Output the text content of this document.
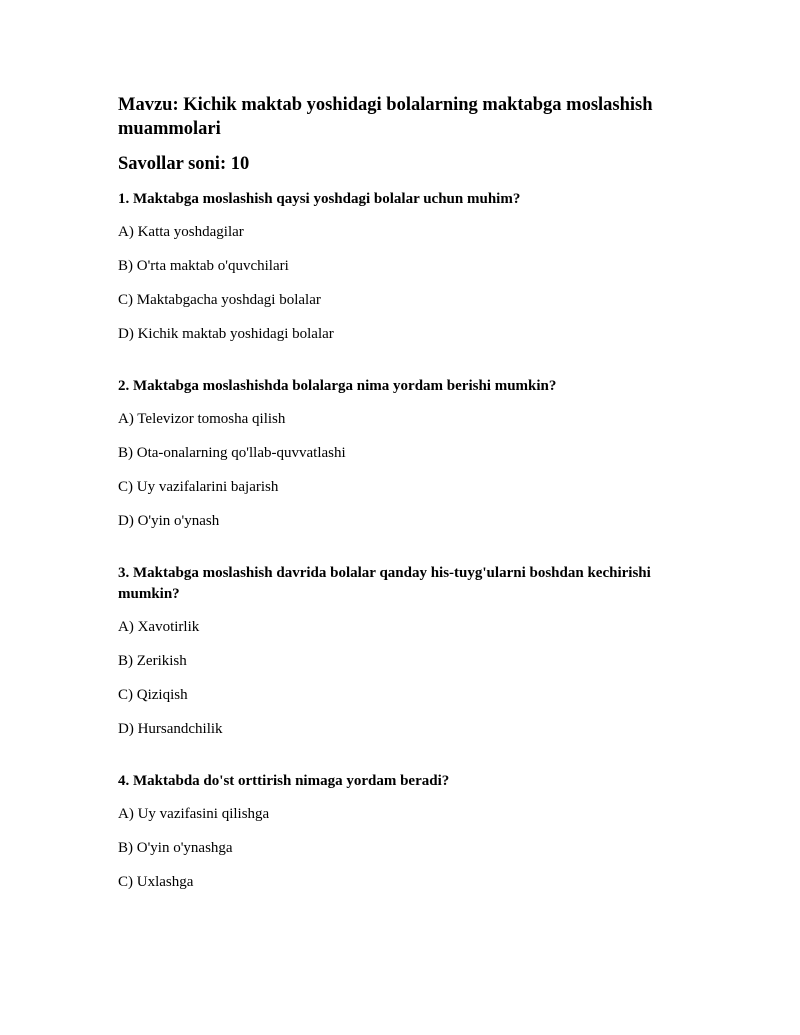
Mavzu: Kichik maktab yoshidagi bolalarning maktabga moslashish muammolari

Savollar soni: 10

1. Maktabga moslashish qaysi yoshdagi bolalar uchun muhim?

A) Katta yoshdagilar

B) O'rta maktab o'quvchilari

C) Maktabgacha yoshdagi bolalar

D) Kichik maktab yoshidagi bolalar

2. Maktabga moslashishda bolalarga nima yordam berishi mumkin?

A) Televizor tomosha qilish

B) Ota-onalarning qo'llab-quvvatlashi

C) Uy vazifalarini bajarish

D) O'yin o'ynash

3. Maktabga moslashish davrida bolalar qanday his-tuyg'ularni boshdan kechirishi mumkin?

A) Xavotirlik

B) Zerikish

C) Qiziqish

D) Hursandchilik

4. Maktabda do'st orttirish nimaga yordam beradi?

A) Uy vazifasini qilishga

B) O'yin o'ynashga

C) Uxlashga
